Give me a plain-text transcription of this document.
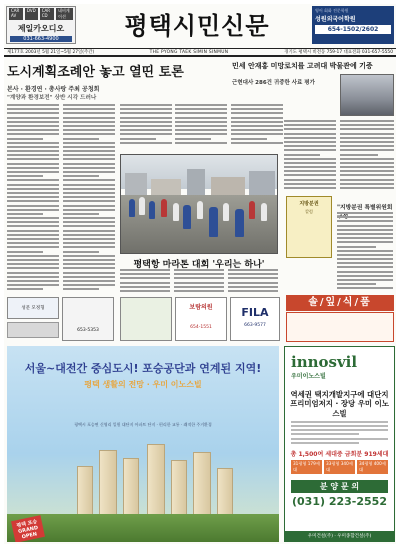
CAR AV
DVD	CAR CD
네비게이션
제일카오디오
031-663-4900	평택시민신문
영어 회화 전문학원
성원외국어학원
654-1502/2602
제177호 2003년 5월 21일~5월 27일(주간)	THE PYONG TAEK SIMIN SINMUN	경기도 평택시 비전동 759-17 대표전화 031-657-5550
도시계획조례안 놓고 열띤 토론
본사 · 환경연 · 총사랑 주최 공청회
"계양과 환경보전" 상반 시각 드러나
민세 안재홍 미망로치를 고려대 박물관에 기증
근현대사 286건 귀중한 사료 평가
평택항 마라톤 대회 '우리는 하나'
지방분권
칼럼
"지방분권 특별위원회
성문 모정형
653-5353
보람의원
654-1551
FILA
663-9577
솔/잎/식/품
서울~대전간 중심도시! 포승공단과 연계된 지역!
평택 생활의 전망 · 우미 이노스빌
평택시 포승면 신영리 일원 대단지 아파트 단지 · 편리한 교통 · 쾌적한 주거환경
평택 포승 GRAND OPEN
innosvil
우미이노스빌
역세권 택지개발지구에 대단지 프리미엄저지 · 장당 우미 이노스빌
총 1,500여 세대중 금회분 919세대
31평형 179세대
33평형 340세대
34평형 400세대
분 양 문 의
(031) 223-2552
우미건설(주) · 우미종합건설(주)
